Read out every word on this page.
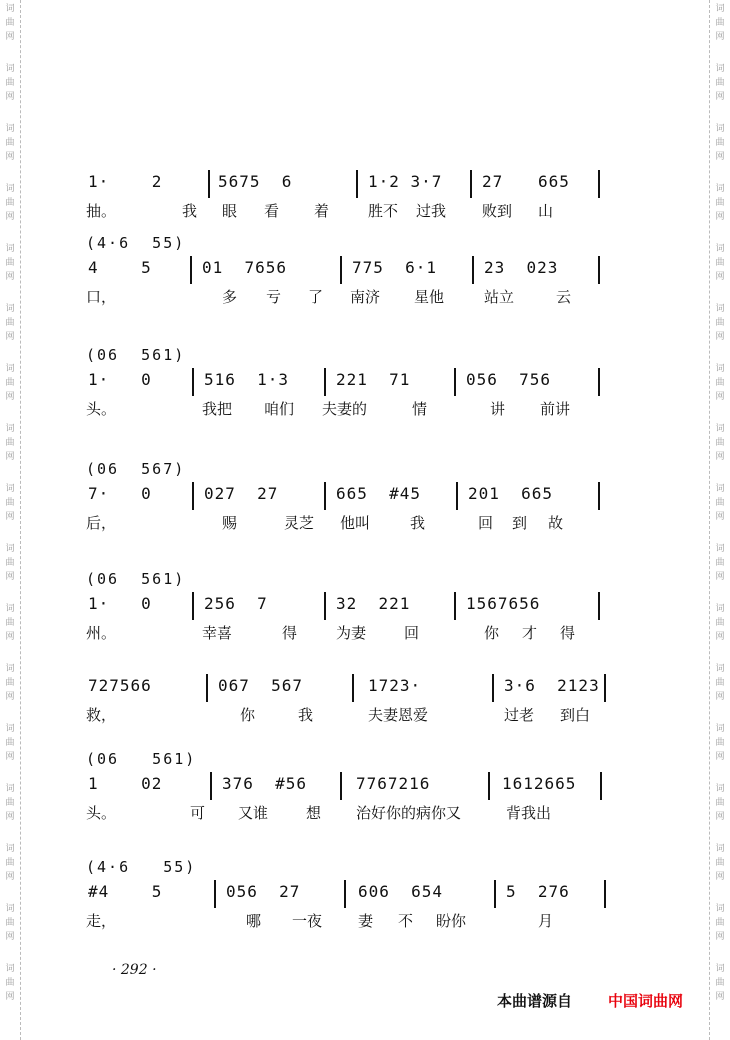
词
曲
网
词
曲
网
词
曲
网
词
曲
网
词
曲
网
词
曲
网
词
曲
网
词
曲
网
词
曲
网
词
曲
网
词
曲
网
词
曲
网
词
曲
网
词
曲
网
词
曲
网
词
曲
网
词
曲
网
词
曲
网
词
曲
网
词
曲
网
词
曲
网
词
曲
网
词
曲
网
词
曲
网
词
曲
网
词
曲
网
词
曲
网
词
曲
网
词
曲
网
词
曲
网
词
曲
网
词
曲
网
词
曲
网
词
曲
网
1·    2	5675  6	1·2 3·7 27 665
抽。	我 眼 看 着	胜不 过我 败到 山
(4·6  55)
4    5	01  7656	775  6·1	23  023
口，	多 亏 了 南济 星他	站立	云
(06  561)
1·   0	516  1·3	221  71	056  756
头。	我把 咱们 夫妻的	情	讲 前讲
(06  567)
7·   0	027  27	665  #45	201  665
后，	赐	灵芝 他叫	我	回 到 故
(06  561)
1·   0	256  7	32  221	1567656
州。	幸喜	得	为妻	回	你 才 得
727566	067  567	1723·	3·6  2123
救，	你	我	夫妻恩爱	过老 到白
(06   561)
1    02	376  #56	7767216	1612665
头。	可 又谁	想 治好你的病你又	背我出
(4·6   55)
#4    5	056  27	606  654	5  276
走，	哪 一夜 妻 不 盼你	月
· 292 ·
本曲谱源自 中国词曲网
